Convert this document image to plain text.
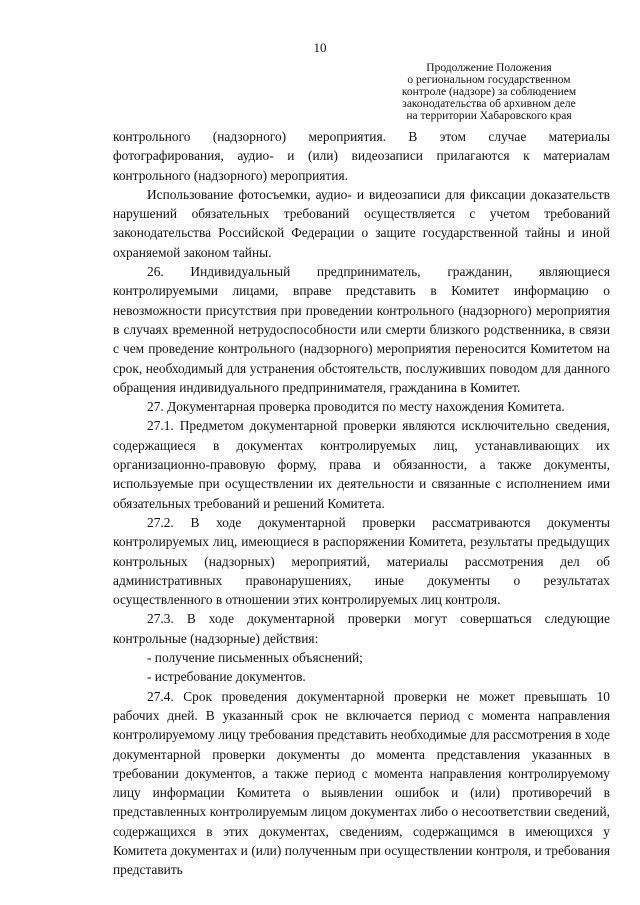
10
Продолжение Положения
о региональном государственном
контроле (надзоре) за соблюдением
законодательства об архивном деле
на территории Хабаровского края

контрольного (надзорного) мероприятия. В этом случае материалы фотографирования, аудио- и (или) видеозаписи прилагаются к материалам контрольного (надзорного) мероприятия.

Использование фотосъемки, аудио- и видеозаписи для фиксации доказательств нарушений обязательных требований осуществляется с учетом требований законодательства Российской Федерации о защите государственной тайны и иной охраняемой законом тайны.

26. Индивидуальный предприниматель, гражданин, являющиеся контролируемыми лицами, вправе представить в Комитет информацию о невозможности присутствия при проведении контрольного (надзорного) мероприятия в случаях временной нетрудоспособности или смерти близкого родственника, в связи с чем проведение контрольного (надзорного) мероприятия переносится Комитетом на срок, необходимый для устранения обстоятельств, послуживших поводом для данного обращения индивидуального предпринимателя, гражданина в Комитет.

27. Документарная проверка проводится по месту нахождения Комитета.

27.1. Предметом документарной проверки являются исключительно сведения, содержащиеся в документах контролируемых лиц, устанавливающих их организационно-правовую форму, права и обязанности, а также документы, используемые при осуществлении их деятельности и связанные с исполнением ими обязательных требований и решений Комитета.

27.2. В ходе документарной проверки рассматриваются документы контролируемых лиц, имеющиеся в распоряжении Комитета, результаты предыдущих контрольных (надзорных) мероприятий, материалы рассмотрения дел об административных правонарушениях, иные документы о результатах осуществленного в отношении этих контролируемых лиц контроля.

27.3. В ходе документарной проверки могут совершаться следующие контрольные (надзорные) действия:

- получение письменных объяснений;

- истребование документов.

27.4. Срок проведения документарной проверки не может превышать 10 рабочих дней. В указанный срок не включается период с момента направления контролируемому лицу требования представить необходимые для рассмотрения в ходе документарной проверки документы до момента представления указанных в требовании документов, а также период с момента направления контролируемому лицу информации Комитета о выявлении ошибок и (или) противоречий в представленных контролируемым лицом документах либо о несоответствии сведений, содержащихся в этих документах, сведениям, содержащимся в имеющихся у Комитета документах и (или) полученным при осуществлении контроля, и требования представить
